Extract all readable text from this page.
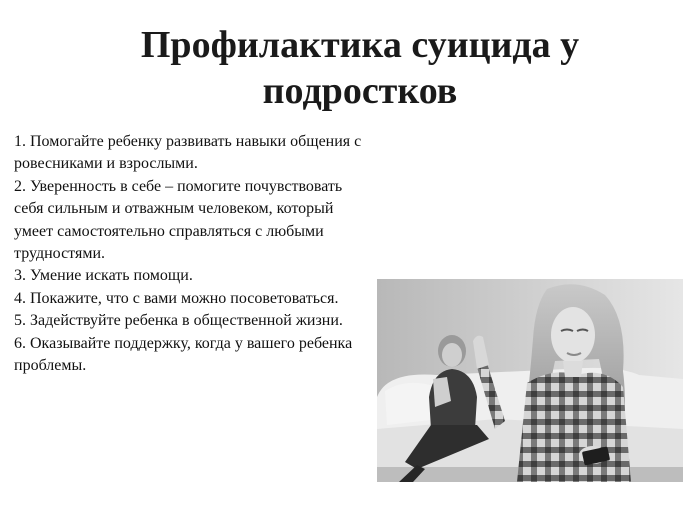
Профилактика суицида у подростков
1. Помогайте ребенку развивать навыки общения с ровесниками и взрослыми.
2. Уверенность в себе – помогите почувствовать себя сильным и отважным человеком, который умеет самостоятельно справляться с любыми трудностями.
3. Умение искать помощи.
4. Покажите, что с вами можно посоветоваться.
5. Задействуйте ребенка в общественной жизни.
6. Оказывайте поддержку, когда у вашего ребенка проблемы.
